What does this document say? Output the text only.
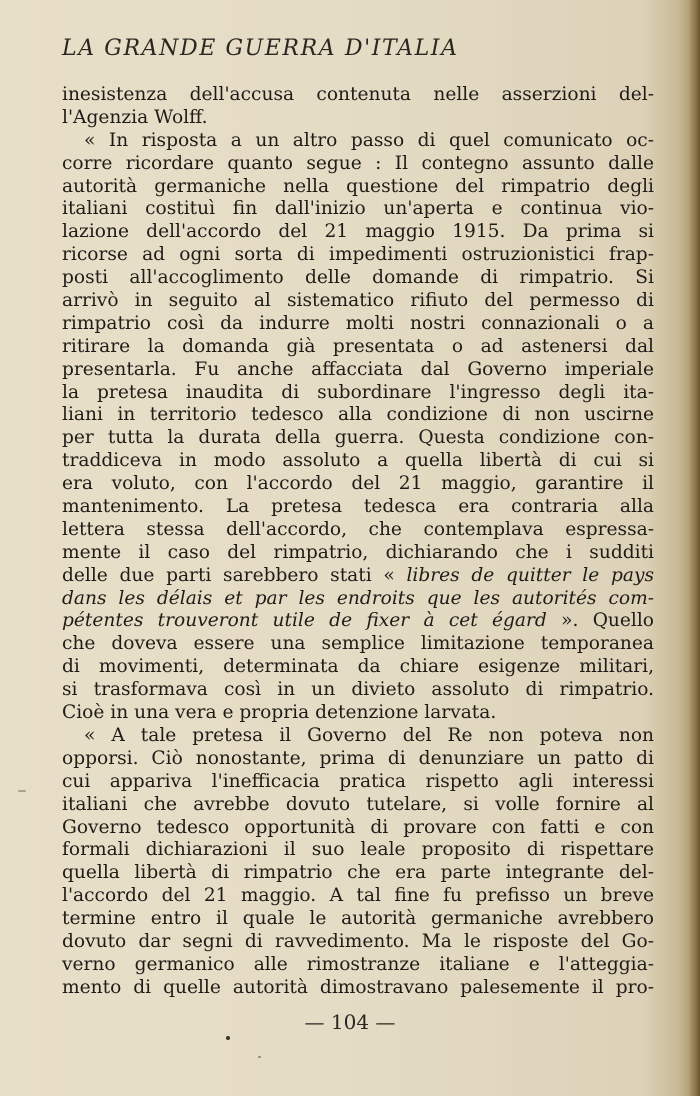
LA GRANDE GUERRA D'ITALIA
inesistenza dell'accusa contenuta nelle asserzioni del-
l'Agenzia Wolff.
« In risposta a un altro passo di quel comunicato oc-
corre ricordare quanto segue : Il contegno assunto dalle
autorità germaniche nella questione del rimpatrio degli
italiani costituì fin dall'inizio un'aperta e continua vio-
lazione dell'accordo del 21 maggio 1915. Da prima si
ricorse ad ogni sorta di impedimenti ostruzionistici frap-
posti all'accoglimento delle domande di rimpatrio. Si
arrivò in seguito al sistematico rifiuto del permesso di
rimpatrio così da indurre molti nostri connazionali o a
ritirare la domanda già presentata o ad astenersi dal
presentarla. Fu anche affacciata dal Governo imperiale
la pretesa inaudita di subordinare l'ingresso degli ita-
liani in territorio tedesco alla condizione di non uscirne
per tutta la durata della guerra. Questa condizione con-
traddiceva in modo assoluto a quella libertà di cui si
era voluto, con l'accordo del 21 maggio, garantire il
mantenimento. La pretesa tedesca era contraria alla
lettera stessa dell'accordo, che contemplava espressa-
mente il caso del rimpatrio, dichiarando che i sudditi
delle due parti sarebbero stati « libres de quitter le pays
dans les délais et par les endroits que les autorités com-
pétentes trouveront utile de fixer à cet égard ». Quello
che doveva essere una semplice limitazione temporanea
di movimenti, determinata da chiare esigenze militari,
si trasformava così in un divieto assoluto di rimpatrio.
Cioè in una vera e propria detenzione larvata.
« A tale pretesa il Governo del Re non poteva non
opporsi. Ciò nonostante, prima di denunziare un patto di
cui appariva l'inefficacia pratica rispetto agli interessi
italiani che avrebbe dovuto tutelare, si volle fornire al
Governo tedesco opportunità di provare con fatti e con
formali dichiarazioni il suo leale proposito di rispettare
quella libertà di rimpatrio che era parte integrante del-
l'accordo del 21 maggio. A tal fine fu prefisso un breve
termine entro il quale le autorità germaniche avrebbero
dovuto dar segni di ravvedimento. Ma le risposte del Go-
verno germanico alle rimostranze italiane e l'atteggia-
mento di quelle autorità dimostravano palesemente il pro-
— 104 —
